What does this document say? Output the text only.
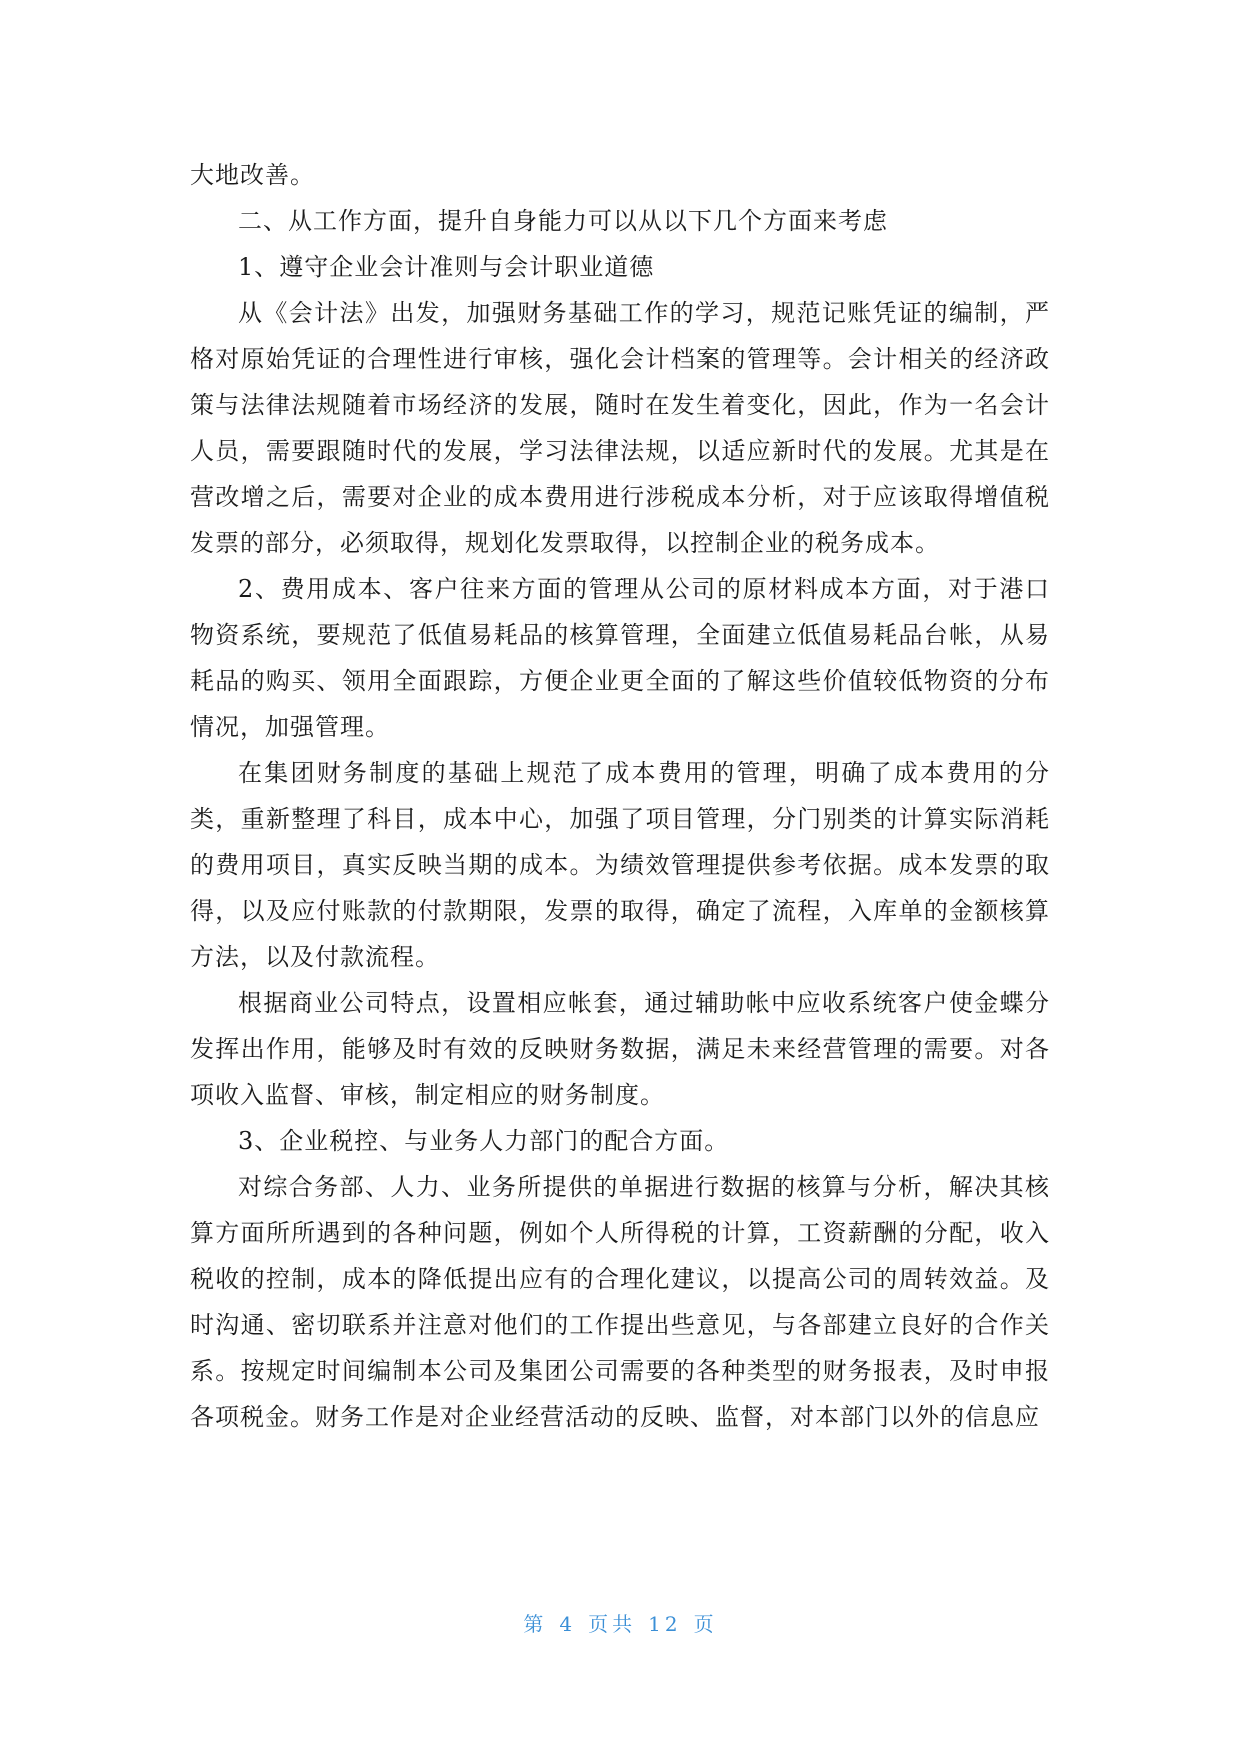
大地改善。

二、从工作方面，提升自身能力可以从以下几个方面来考虑

1、遵守企业会计准则与会计职业道德

从《会计法》出发，加强财务基础工作的学习，规范记账凭证的编制，严格对原始凭证的合理性进行审核，强化会计档案的管理等。会计相关的经济政策与法律法规随着市场经济的发展，随时在发生着变化，因此，作为一名会计人员，需要跟随时代的发展，学习法律法规，以适应新时代的发展。尤其是在营改增之后，需要对企业的成本费用进行涉税成本分析，对于应该取得增值税发票的部分，必须取得，规划化发票取得，以控制企业的税务成本。

2、费用成本、客户往来方面的管理从公司的原材料成本方面，对于港口物资系统，要规范了低值易耗品的核算管理，全面建立低值易耗品台帐，从易耗品的购买、领用全面跟踪，方便企业更全面的了解这些价值较低物资的分布情况，加强管理。

在集团财务制度的基础上规范了成本费用的管理，明确了成本费用的分类，重新整理了科目，成本中心，加强了项目管理，分门别类的计算实际消耗的费用项目，真实反映当期的成本。为绩效管理提供参考依据。成本发票的取得，以及应付账款的付款期限，发票的取得，确定了流程，入库单的金额核算方法，以及付款流程。

根据商业公司特点，设置相应帐套，通过辅助帐中应收系统客户使金蝶分发挥出作用，能够及时有效的反映财务数据，满足未来经营管理的需要。对各项收入监督、审核，制定相应的财务制度。

3、企业税控、与业务人力部门的配合方面。

对综合务部、人力、业务所提供的单据进行数据的核算与分析，解决其核算方面所所遇到的各种问题，例如个人所得税的计算，工资薪酬的分配，收入税收的控制，成本的降低提出应有的合理化建议，以提高公司的周转效益。及时沟通、密切联系并注意对他们的工作提出些意见，与各部建立良好的合作关系。按规定时间编制本公司及集团公司需要的各种类型的财务报表，及时申报各项税金。财务工作是对企业经营活动的反映、监督，对本部门以外的信息应

第 4 页共 12 页
